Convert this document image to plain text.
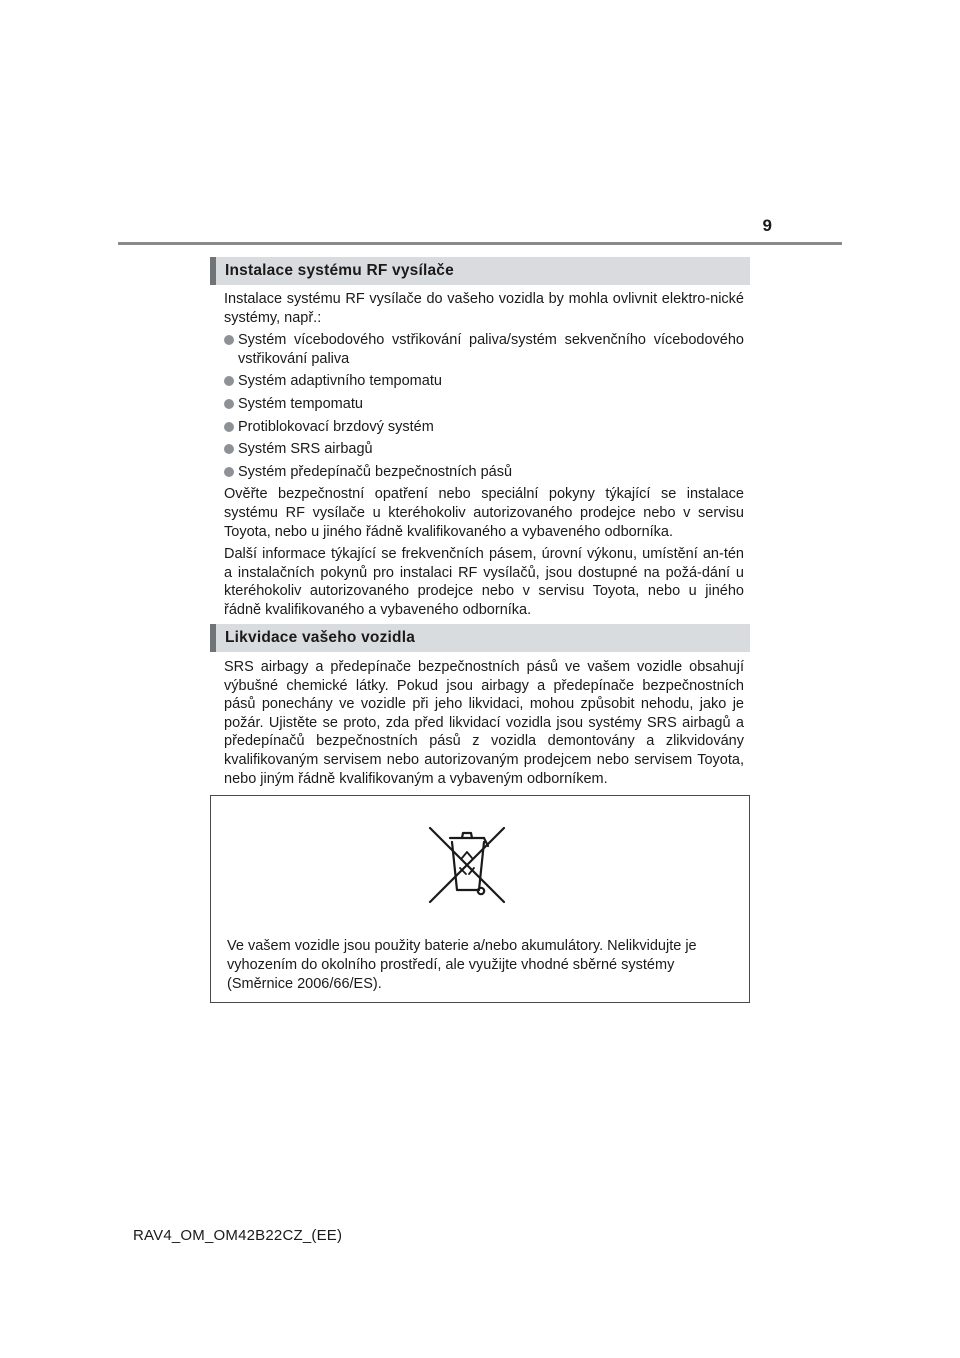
9
Instalace systému RF vysílače

Instalace systému RF vysílače do vašeho vozidla by mohla ovlivnit elektro-nické systémy, např.:

Systém vícebodového vstřikování paliva/systém sekvenčního vícebodového vstřikování paliva

Systém adaptivního tempomatu

Systém tempomatu

Protiblokovací brzdový systém

Systém SRS airbagů

Systém předepínačů bezpečnostních pásů

Ověřte bezpečnostní opatření nebo speciální pokyny týkající se instalace systému RF vysílače u kteréhokoliv autorizovaného prodejce nebo v servisu Toyota, nebo u jiného řádně kvalifikovaného a vybaveného odborníka.

Další informace týkající se frekvenčních pásem, úrovní výkonu, umístění an-tén a instalačních pokynů pro instalaci RF vysílačů, jsou dostupné na požá-dání u kteréhokoliv autorizovaného prodejce nebo v servisu Toyota, nebo u jiného řádně kvalifikovaného a vybaveného odborníka.

Likvidace vašeho vozidla

SRS airbagy a předepínače bezpečnostních pásů ve vašem vozidle obsahují výbušné chemické látky. Pokud jsou airbagy a předepínače bezpečnostních pásů ponechány ve vozidle při jeho likvidaci, mohou způsobit nehodu, jako je požár. Ujistěte se proto, zda před likvidací vozidla jsou systémy SRS airbagů a předepínačů bezpečnostních pásů z vozidla demontovány a zlikvidovány kvalifikovaným servisem nebo autorizovaným prodejcem nebo servisem Toyota, nebo jiným řádně kvalifikovaným a vybaveným odborníkem.

Ve vašem vozidle jsou použity baterie a/nebo akumulátory. Nelikvidujte je vyhozením do okolního prostředí, ale využijte vhodné sběrné systémy (Směrnice 2006/66/ES).
RAV4_OM_OM42B22CZ_(EE)
